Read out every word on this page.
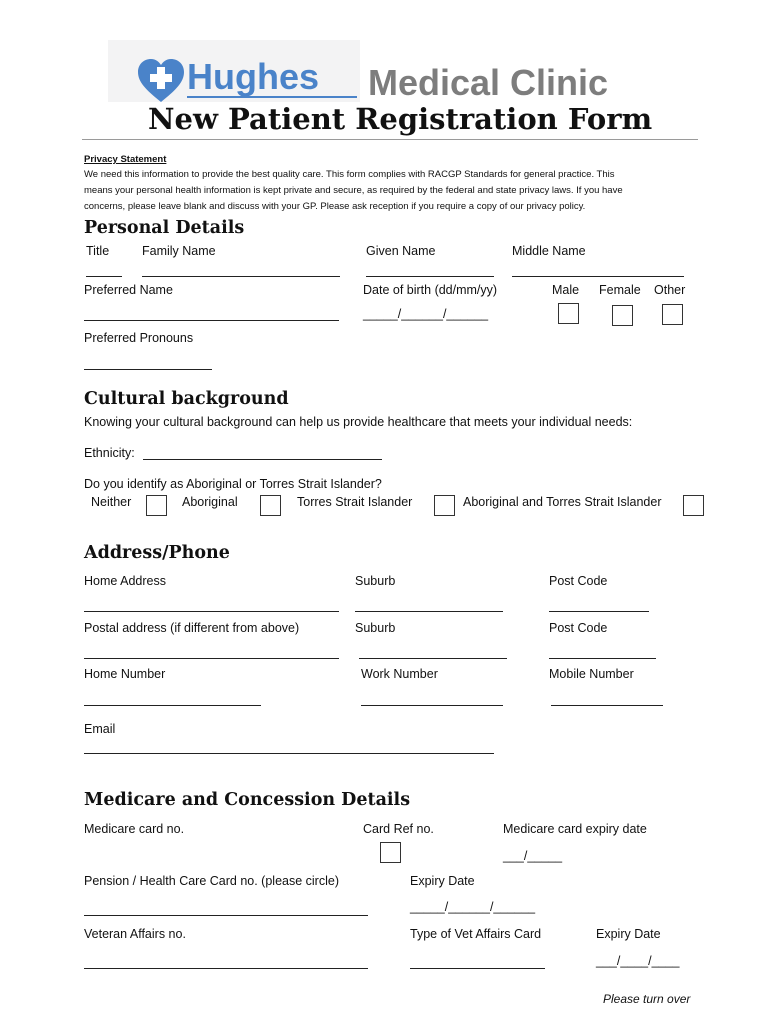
Hughes Medical Clinic
New Patient Registration Form
Privacy Statement
We need this information to provide the best quality care. This form complies with RACGP Standards for general practice. This
means your personal health information is kept private and secure, as required by the federal and state privacy laws. If you have
concerns, please leave blank and discuss with your GP. Please ask reception if you require a copy of our privacy policy.
Personal Details
Title	Family Name	Given Name	Middle Name
Preferred Name	Date of birth (dd/mm/yy)	Male Female Other
_____/______/______
Preferred Pronouns
Cultural background
Knowing your cultural background can help us provide healthcare that meets your individual needs:
Ethnicity:
Do you identify as Aboriginal or Torres Strait Islander?
Neither	Aboriginal	Torres Strait Islander	Aboriginal and Torres Strait Islander
Address/Phone
Home Address	Suburb	Post Code
Postal address (if different from above)	Suburb	Post Code
Home Number	Work Number	Mobile Number
Email
Medicare and Concession Details
Medicare card no.	Card Ref no.	Medicare card expiry date
___/_____
Pension / Health Care Card no. (please circle)	Expiry Date
_____/______/______
Veteran Affairs no.	Type of Vet Affairs Card	Expiry Date
___/____/____
Please turn over
